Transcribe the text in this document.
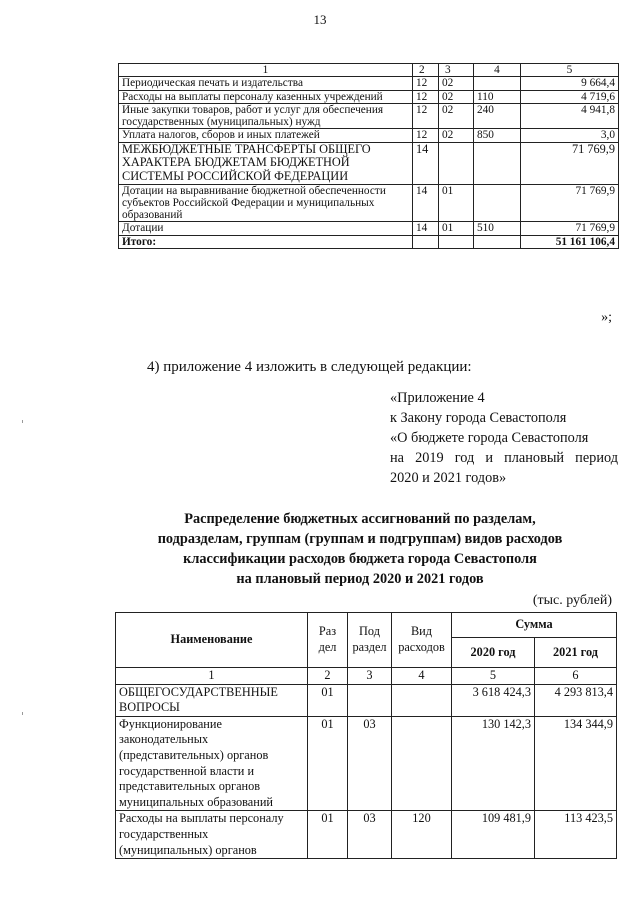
13
1	2	3	4	5
Периодическая печать и издательства	12	02		9 664,4
Расходы на выплаты персоналу казенных учреждений	12	02	110	4 719,6
Иные закупки товаров, работ и услуг для обеспечения государственных (муниципальных) нужд	12	02	240	4 941,8
Уплата налогов, сборов и иных платежей	12	02	850	3,0
МЕЖБЮДЖЕТНЫЕ ТРАНСФЕРТЫ ОБЩЕГО ХАРАКТЕРА БЮДЖЕТАМ БЮДЖЕТНОЙ СИСТЕМЫ РОССИЙСКОЙ ФЕДЕРАЦИИ	14			71 769,9
Дотации на выравнивание бюджетной обеспеченности субъектов Российской Федерации и муниципальных образований	14	01		71 769,9
Дотации	14	01	510	71 769,9
Итого:				51 161 106,4
»;
4) приложение 4 изложить в следующей редакции:
«Приложение 4
к Закону города Севастополя
«О бюджете города Севастополя
на 2019 год и плановый период
2020 и 2021 годов»
Распределение бюджетных ассигнований по разделам,
подразделам, группам (группам и подгруппам) видов расходов
классификации расходов бюджета города Севастополя
на плановый период 2020 и 2021 годов
(тыс. рублей)
Наименование	Раз дел	Под раздел	Вид расходов	Сумма	
				2020 год	2021 год
1	2	3	4	5	6
ОБЩЕГОСУДАРСТВЕННЫЕ ВОПРОСЫ	01			3 618 424,3	4 293 813,4
Функционирование законодательных (представительных) органов государственной власти и представительных органов муниципальных образований	01	03		130 142,3	134 344,9
Расходы на выплаты персоналу государственных (муниципальных) органов	01	03	120	109 481,9	113 423,5
